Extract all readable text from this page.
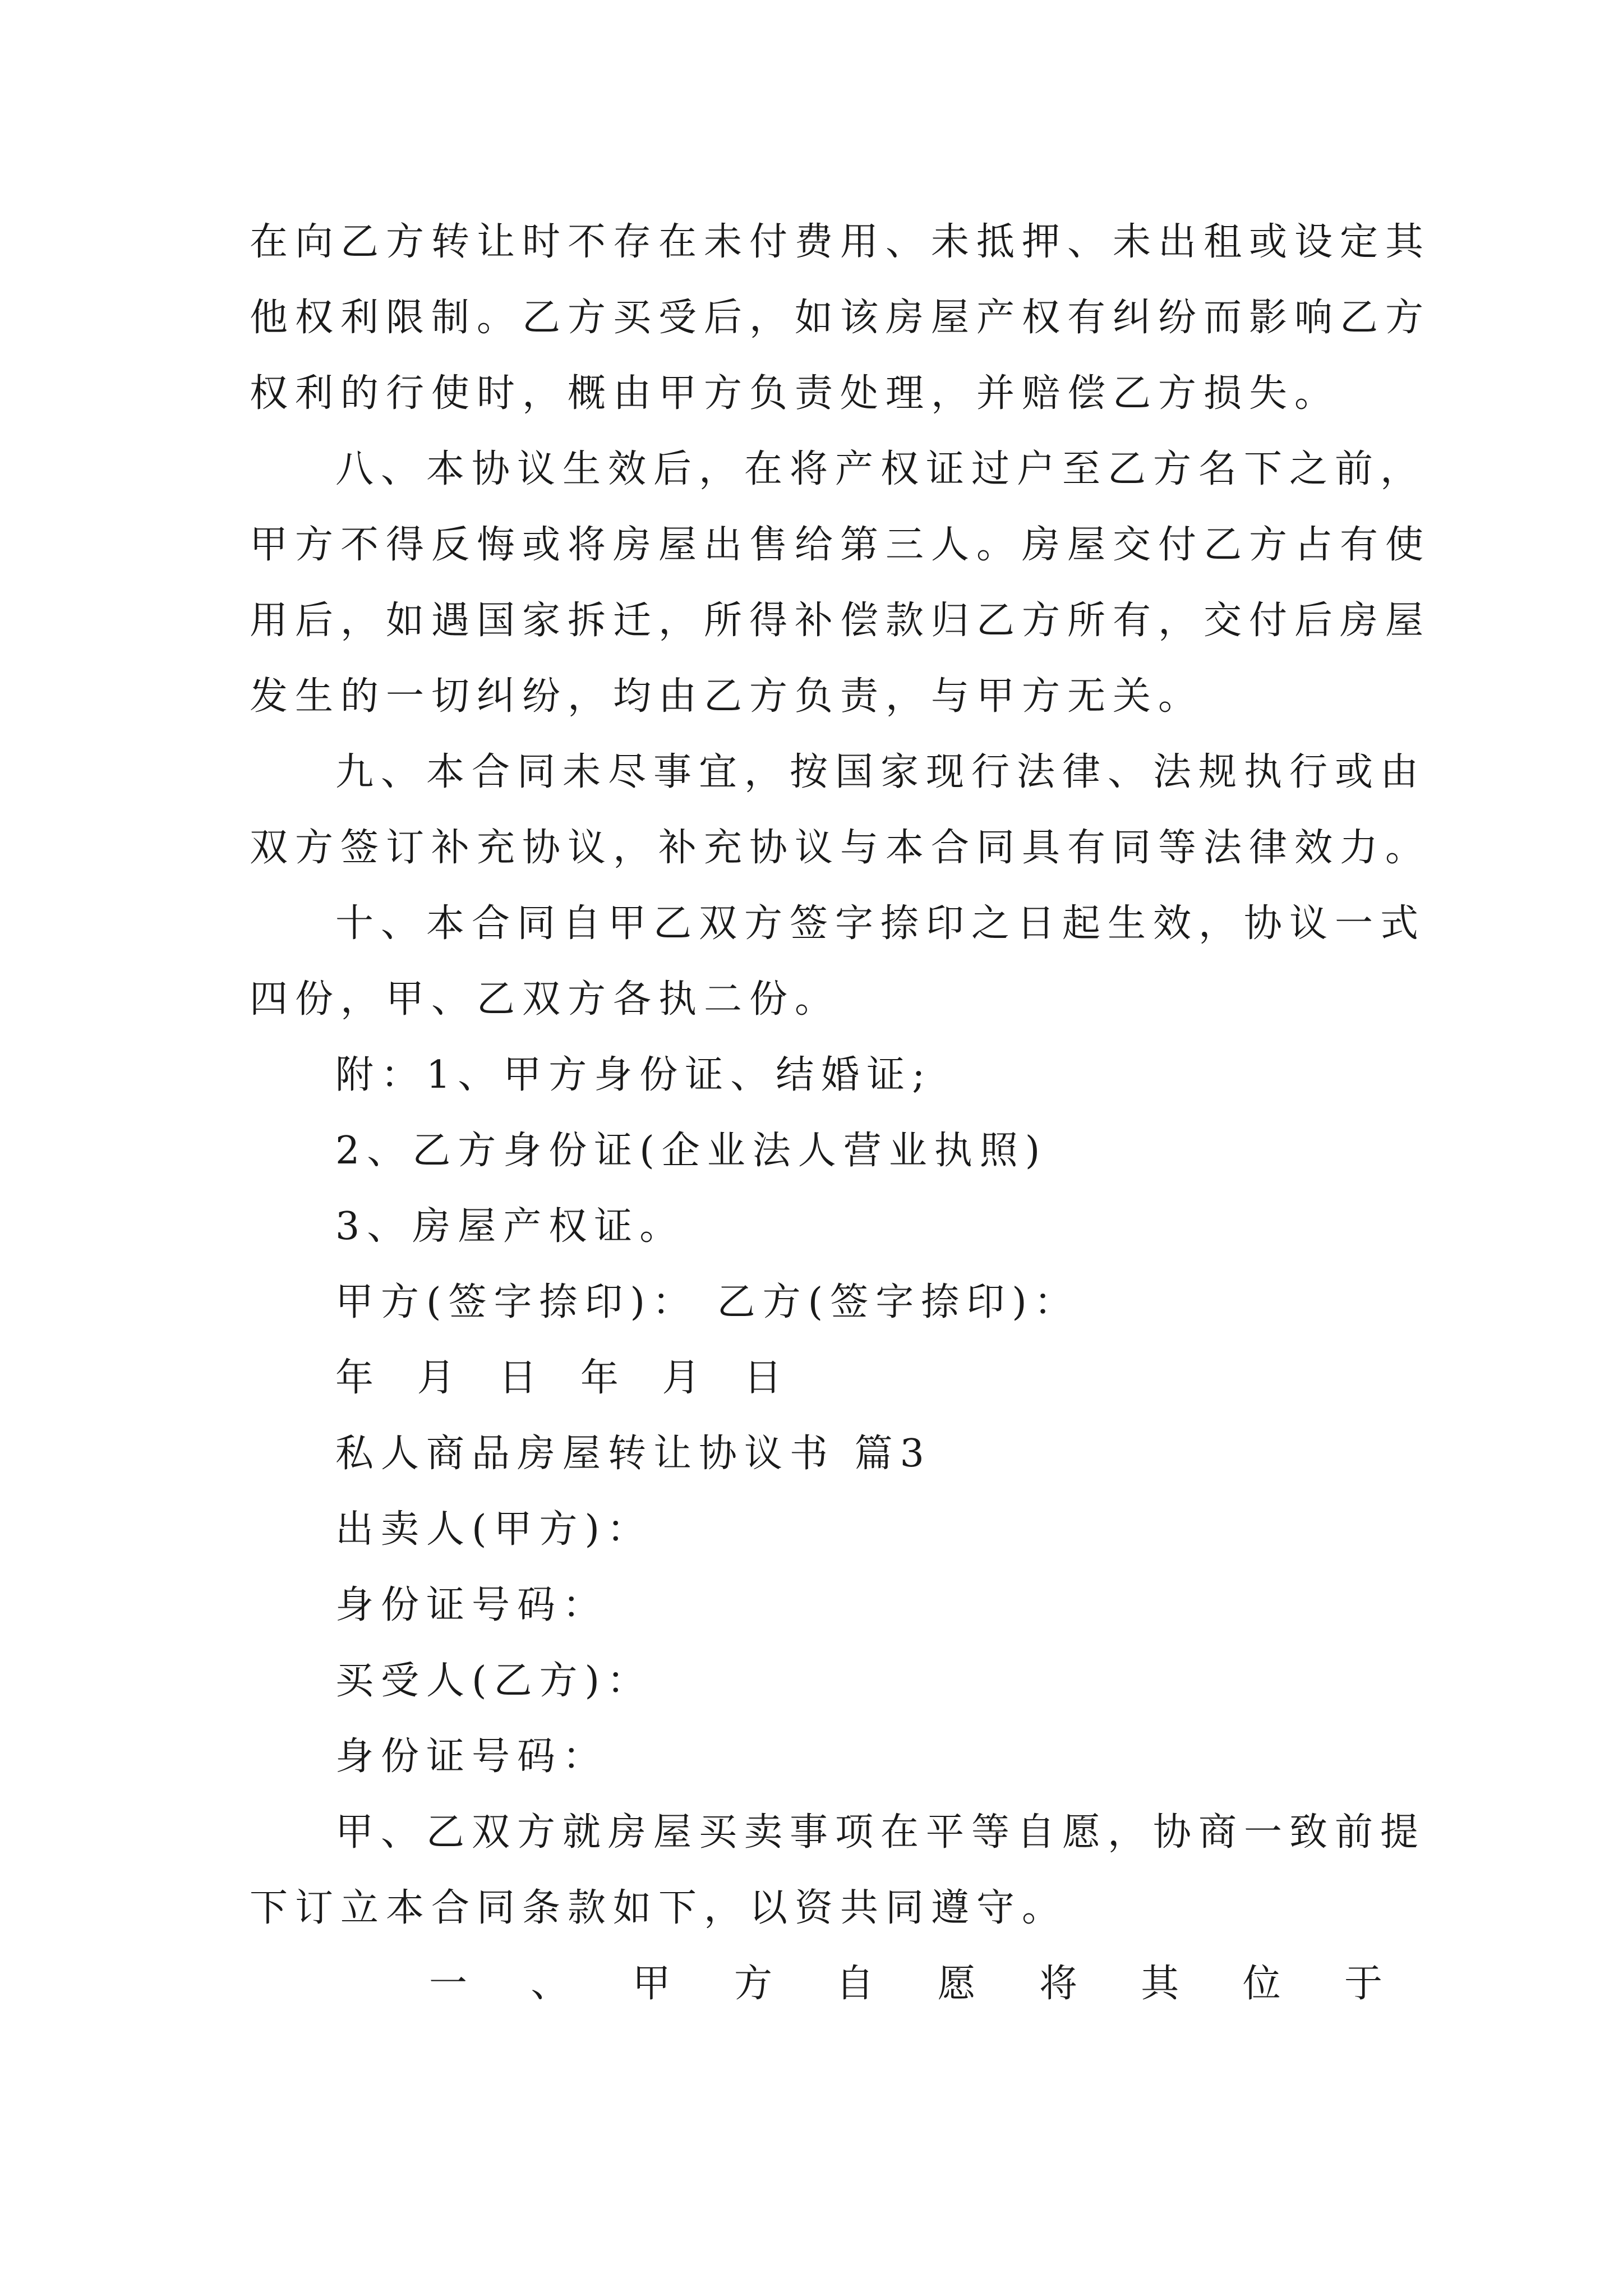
在向乙方转让时不存在未付费用、未抵押、未出租或设定其
他权利限制。乙方买受后，如该房屋产权有纠纷而影响乙方
权利的行使时，概由甲方负责处理，并赔偿乙方损失。
八、本协议生效后，在将产权证过户至乙方名下之前，
甲方不得反悔或将房屋出售给第三人。房屋交付乙方占有使
用后，如遇国家拆迁，所得补偿款归乙方所有，交付后房屋
发生的一切纠纷，均由乙方负责，与甲方无关。
九、本合同未尽事宜，按国家现行法律、法规执行或由
双方签订补充协议，补充协议与本合同具有同等法律效力。
十、本合同自甲乙双方签字捺印之日起生效，协议一式
四份，甲、乙双方各执二份。
附：1、甲方身份证、结婚证;
2、乙方身份证(企业法人营业执照)
3、房屋产权证。
甲方(签字捺印)： 乙方(签字捺印)：
年 月 日 年 月 日
私人商品房屋转让协议书 篇3
出卖人(甲方)：
身份证号码：
买受人(乙方)：
身份证号码：
甲、乙双方就房屋买卖事项在平等自愿，协商一致前提
下订立本合同条款如下，以资共同遵守。
一 、 甲 方 自 愿 将 其 位 于
